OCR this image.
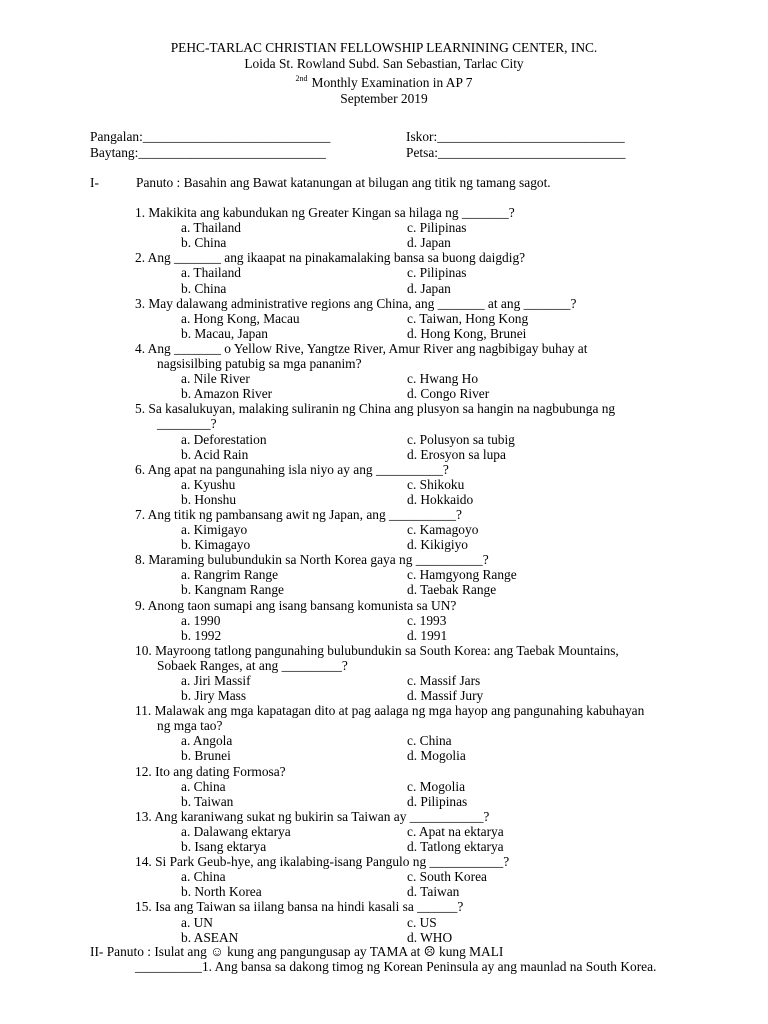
PEHC-TARLAC CHRISTIAN FELLOWSHIP LEARNINING CENTER, INC.
Loida St. Rowland Subd. San Sebastian, Tarlac City
$^{2nd}$ Monthly Examination in AP 7
September 2019
Pangalan:____________________________	Iskor:____________________________
Baytang:____________________________	Petsa:____________________________
I-	Panuto : Basahin ang Bawat katanungan at bilugan ang titik ng tamang sagot.
1. Makikita ang kabundukan ng Greater Kingan sa hilaga ng _______?
a. Thailand	c. Pilipinas
b. China	d. Japan
2. Ang _______ ang ikaapat na pinakamalaking bansa sa buong daigdig?
a. Thailand	c. Pilipinas
b. China	d. Japan
3. May dalawang administrative regions ang China, ang _______ at ang _______?
a. Hong Kong, Macau	c. Taiwan, Hong Kong
b. Macau, Japan	d. Hong Kong, Brunei
4. Ang _______ o Yellow Rive, Yangtze River, Amur River ang nagbibigay buhay at
nagsisilbing patubig sa mga pananim?
a. Nile River	c. Hwang Ho
b. Amazon River	d. Congo River
5. Sa kasalukuyan, malaking suliranin ng China ang plusyon sa hangin na nagbubunga ng
________?
a. Deforestation	c. Polusyon sa tubig
b. Acid Rain	d. Erosyon sa lupa
6. Ang apat na pangunahing isla niyo ay ang __________?
a. Kyushu	c. Shikoku
b. Honshu	d. Hokkaido
7. Ang titik ng pambansang awit ng Japan, ang __________?
a. Kimigayo	c. Kamagoyo
b. Kimagayo	d. Kikigiyo
8. Maraming bulubundukin sa North Korea gaya ng __________?
a. Rangrim Range	c. Hamgyong Range
b. Kangnam Range	d. Taebak Range
9. Anong taon sumapi ang isang bansang komunista sa UN?
a. 1990	c. 1993
b. 1992	d. 1991
10. Mayroong tatlong pangunahing bulubundukin sa South Korea: ang Taebak Mountains,
Sobaek Ranges, at ang _________?
a. Jiri Massif	c. Massif Jars
b. Jiry Mass	d. Massif Jury
11. Malawak ang mga kapatagan dito at pag aalaga ng mga hayop ang pangunahing kabuhayan
ng mga tao?
a. Angola	c. China
b. Brunei	d. Mogolia
12. Ito ang dating Formosa?
a. China	c. Mogolia
b. Taiwan	d. Pilipinas
13. Ang karaniwang sukat ng bukirin sa Taiwan ay ___________?
a. Dalawang ektarya	c. Apat na ektarya
b. Isang ektarya	d. Tatlong ektarya
14. Si Park Geub-hye, ang ikalabing-isang Pangulo ng ___________?
a. China	c. South Korea
b. North Korea	d. Taiwan
15. Isa ang Taiwan sa iilang bansa na hindi kasali sa ______?
a. UN	c. US
b. ASEAN	d. WHO
II- Panuto : Isulat ang ☺ kung ang pangungusap ay TAMA at ☹ kung MALI
__________1. Ang bansa sa dakong timog ng Korean Peninsula ay ang maunlad na South Korea.
